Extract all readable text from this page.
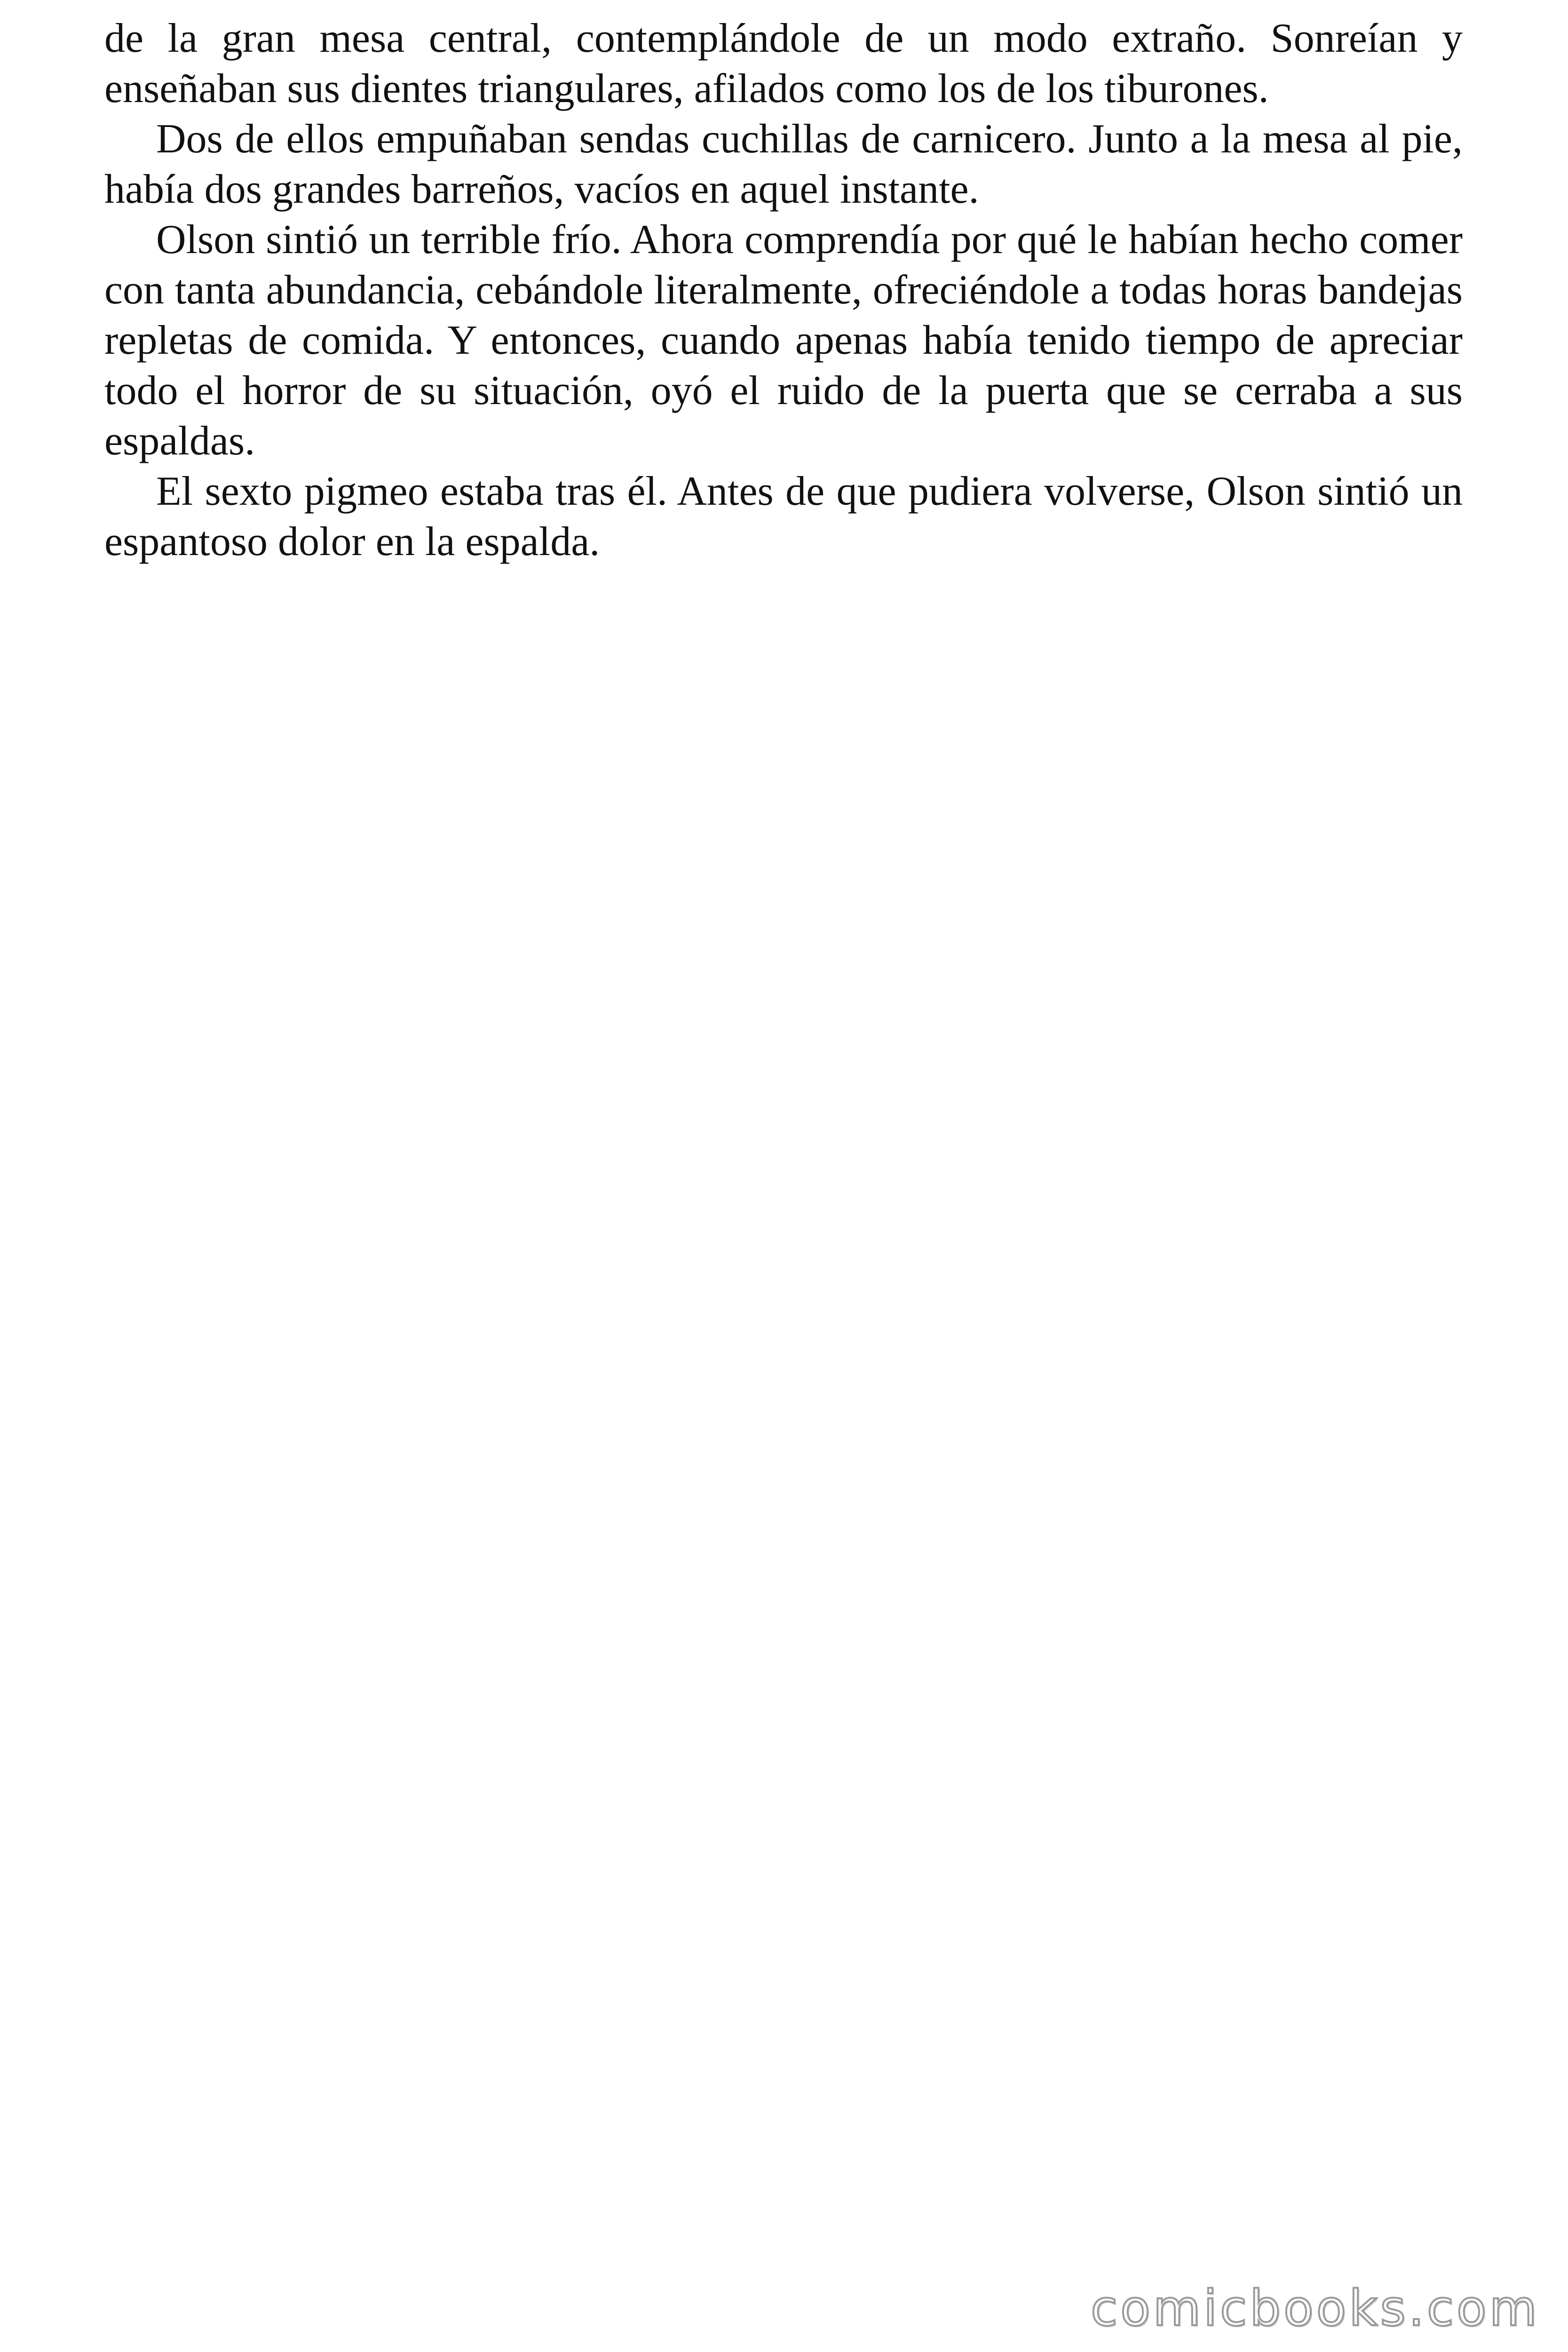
de la gran mesa central, contemplándole de un modo extraño. Sonreían y enseñaban sus dientes triangulares, afilados como los de los tiburones.

Dos de ellos empuñaban sendas cuchillas de carnicero. Junto a la mesa al pie, había dos grandes barreños, vacíos en aquel instante.

Olson sintió un terrible frío. Ahora comprendía por qué le habían hecho comer con tanta abundancia, cebándole literalmente, ofreciéndole a todas horas bandejas repletas de comida. Y entonces, cuando apenas había tenido tiempo de apreciar todo el horror de su situación, oyó el ruido de la puerta que se cerraba a sus espaldas.

El sexto pigmeo estaba tras él. Antes de que pudiera volverse, Olson sintió un espantoso dolor en la espalda.

comicbooks.com
